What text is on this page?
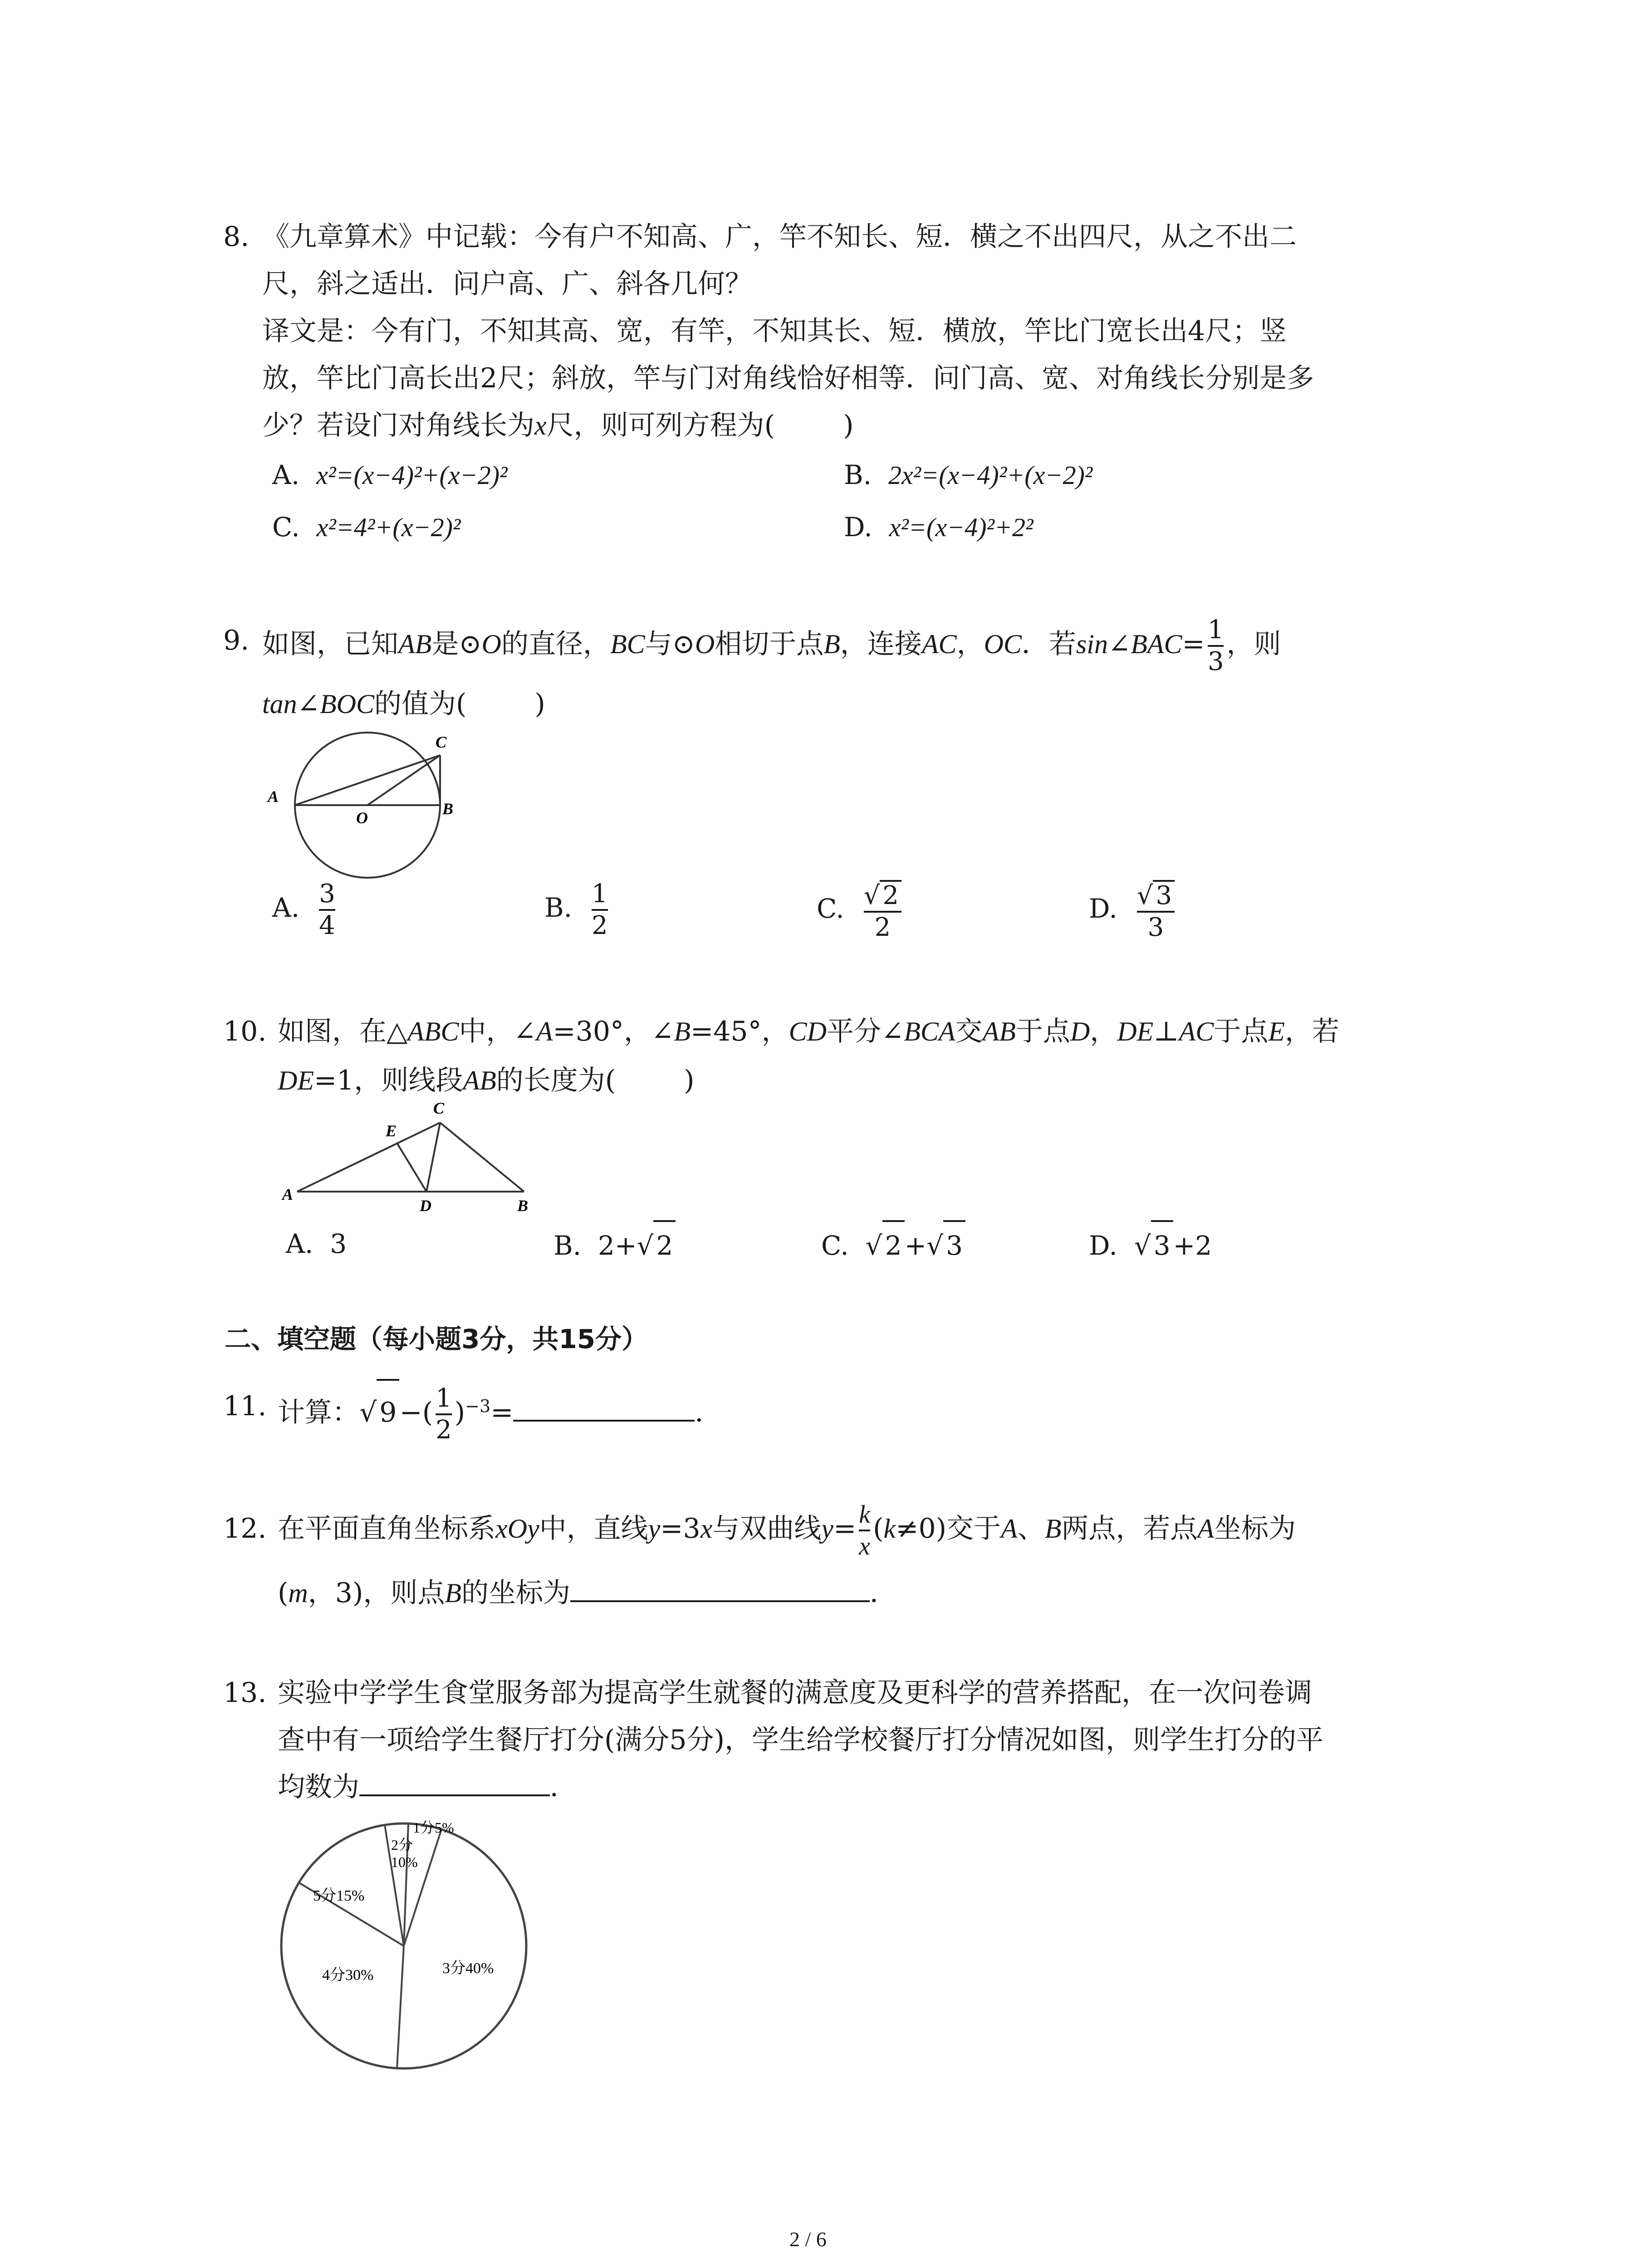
8. 《九章算术》中记载：今有户不知高、广，竿不知长、短．横之不出四尺，从之不出二
尺，斜之适出．问户高、广、斜各几何？
译文是：今有门，不知其高、宽，有竿，不知其长、短．横放，竿比门宽长出4尺；竖
放，竿比门高长出2尺；斜放，竿与门对角线恰好相等．问门高、宽、对角线长分别是多
少？若设门对角线长为x尺，则可列方程为(	)
A. x²=(x−4)²+(x−2)²	B. 2x²=(x−4)²+(x−2)²
C. x²=4²+(x−2)²	D. x²=(x−4)²+2²
9. 如图，已知AB是⊙O的直径，BC与⊙O相切于点B，连接AC，OC．若sin∠BAC= $\frac{1}{3}$ ，则
tan∠BOC的值为(	)
A
B
C
O
A. $\frac{3}{4}$	B. $\frac{1}{2}$	C. $\frac{√ 2}{2}$	D. $\frac{√ 3}{3}$
10. 如图，在△ABC中，∠A=30°，∠B=45°，CD平分∠BCA交AB于点D，DE⊥AC于点E，若
DE=1，则线段AB的长度为(	)
A
B
C
D
E
A. 3	B. 2+√ 2	C. √ 2 +√ 3	D. √ 3 +2
二、填空题（每小题3分，共15分）
11. 计算：√ 9 −( $\frac{1}{2} )^{-3}=$	．
12. 在平面直角坐标系xOy中，直线y=3x与双曲线$y= \frac{k}{x} (k\ne 0)$交于A、B两点，若点A坐标为
(m，3)，则点B的坐标为	．
13. 实验中学学生食堂服务部为提高学生就餐的满意度及更科学的营养搭配，在一次问卷调
查中有一项给学生餐厅打分(满分5分)，学生给学校餐厅打分情况如图，则学生打分的平
均数为	．
1分5%
3分40%
4分30%
5分15%
2分
10%
2 / 6
